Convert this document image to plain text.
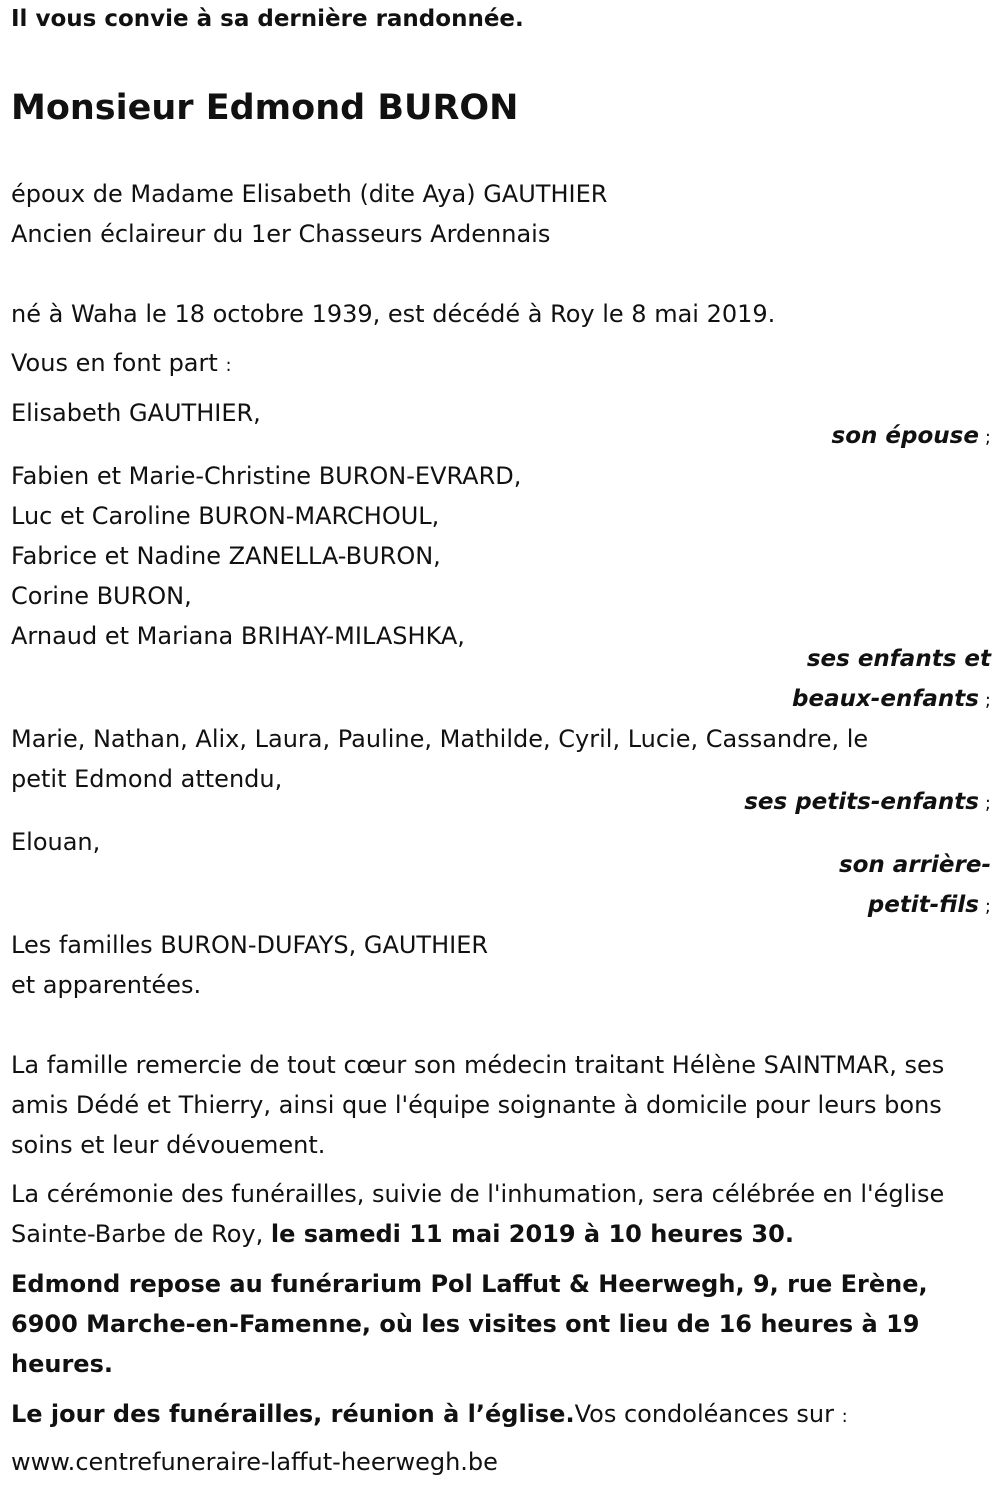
Il vous convie à sa dernière randonnée.
Monsieur Edmond BURON
époux de Madame Elisabeth (dite Aya) GAUTHIER
Ancien éclaireur du 1er Chasseurs Ardennais
né à Waha le 18 octobre 1939, est décédé à Roy le 8 mai 2019.
Vous en font part :
Elisabeth GAUTHIER,
son épouse ;
Fabien et Marie-Christine BURON-EVRARD,
Luc et Caroline BURON-MARCHOUL,
Fabrice et Nadine ZANELLA-BURON,
Corine BURON,
Arnaud et Mariana BRIHAY-MILASHKA,
ses enfants et
beaux-enfants ;
Marie, Nathan, Alix, Laura, Pauline, Mathilde, Cyril, Lucie, Cassandre, le
petit Edmond attendu,
ses petits-enfants ;
Elouan,
son arrière-
petit-fils ;
Les familles BURON-DUFAYS, GAUTHIER
et apparentées.
La famille remercie de tout cœur son médecin traitant Hélène SAINTMAR, ses amis Dédé et Thierry, ainsi que l'équipe soignante à domicile pour leurs bons soins et leur dévouement.
La cérémonie des funérailles, suivie de l'inhumation, sera célébrée en l'église Sainte-Barbe de Roy, le samedi 11 mai 2019 à 10 heures 30.
Edmond repose au funérarium Pol Laffut & Heerwegh, 9, rue Erène, 6900 Marche-en-Famenne, où les visites ont lieu de 16 heures à 19 heures.
Le jour des funérailles, réunion à l’église.Vos condoléances sur :
www.centrefuneraire-laffut-heerwegh.be
